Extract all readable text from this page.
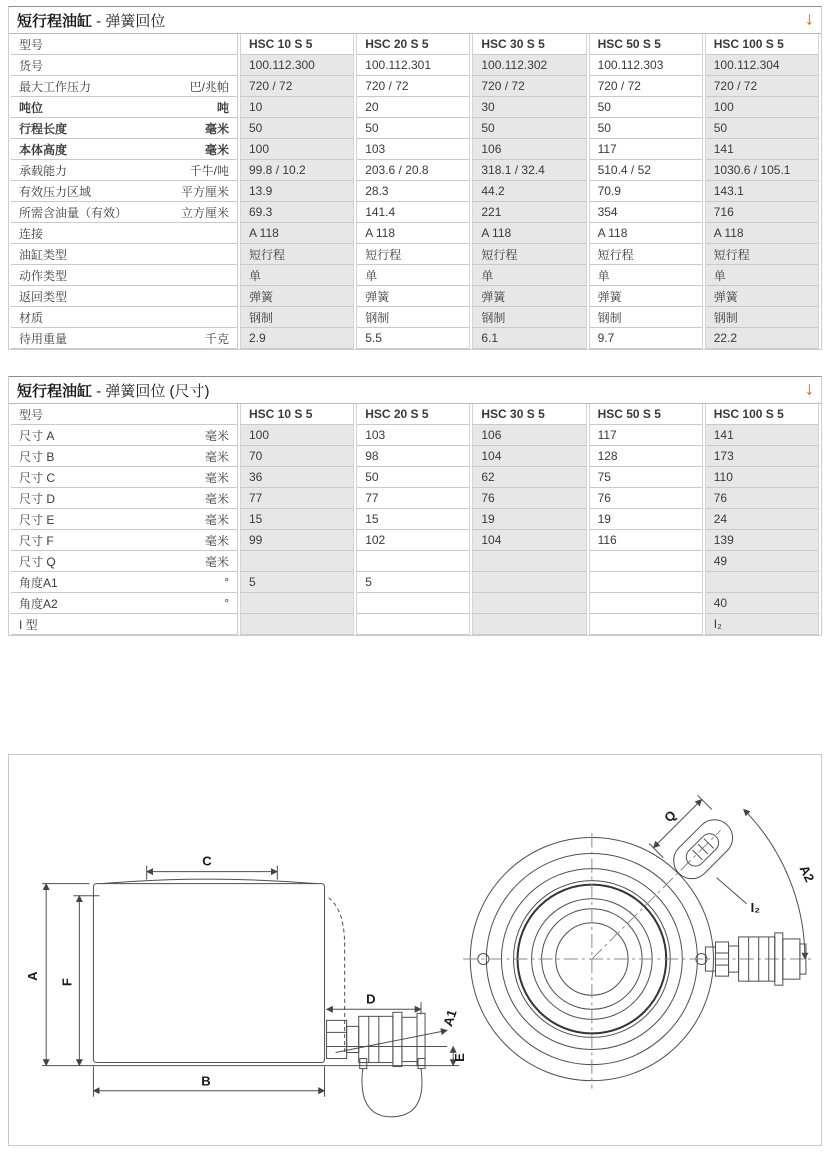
短行程油缸 - 弹簧回位	↓
型号	HSC 10 S 5	HSC 20 S 5	HSC 30 S 5	HSC 50 S 5	HSC 100 S 5

货号	100.112.300	100.112.301	100.112.302	100.112.303	100.112.304

最大工作压力 巴/兆帕	720 / 72	720 / 72	720 / 72	720 / 72	720 / 72

吨位 吨	10	20	30	50	100

行程长度 毫米	50	50	50	50	50

本体高度 毫米	100	103	106	117	141

承载能力 千牛/吨	99.8 / 10.2	203.6 / 20.8	318.1 / 32.4	510.4 / 52	1030.6 / 105.1

有效压力区域 平方厘米	13.9	28.3	44.2	70.9	143.1

所需含油量（有效） 立方厘米	69.3	141.4	221	354	716

连接	A 118	A 118	A 118	A 118	A 118

油缸类型	短行程	短行程	短行程	短行程	短行程

动作类型	单	单	单	单	单

返回类型	弹簧	弹簧	弹簧	弹簧	弹簧

材质	钢制	钢制	钢制	钢制	钢制

待用重量 千克	2.9	5.5	6.1	9.7	22.2
短行程油缸 - 弹簧回位 (尺寸)	↓
型号	HSC 10 S 5	HSC 20 S 5	HSC 30 S 5	HSC 50 S 5	HSC 100 S 5

尺寸 A 毫米	100	103	106	117	141

尺寸 B 毫米	70	98	104	128	173

尺寸 C 毫米	36	50	62	75	110

尺寸 D 毫米	77	77	76	76	76

尺寸 E 毫米	15	15	19	19	24

尺寸 F 毫米	99	102	104	116	139

尺寸 Q 毫米					49

角度A1 °	5	5			

角度A2 °					40

I 型					I₂
C
A
F
B
D
A1
E
Q
I₂
A2
